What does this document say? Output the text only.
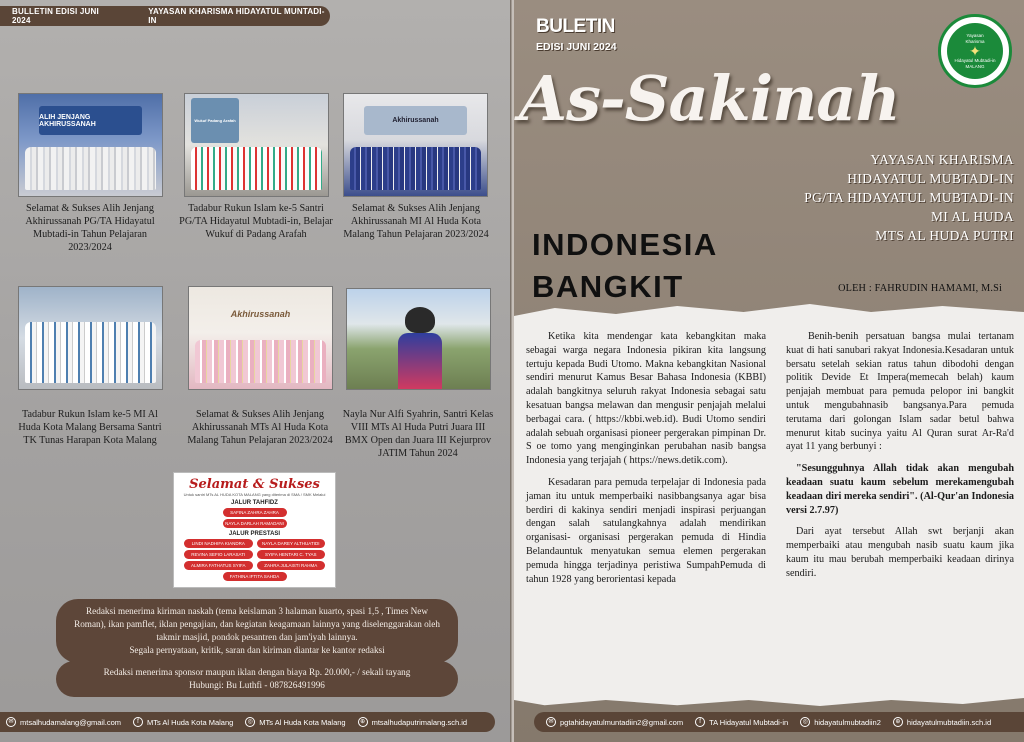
BULLETIN EDISI JUNI 2024
YAYASAN KHARISMA HIDAYATUL MUNTADI-IN
ALIH JENJANG AKHIRUSSANAH	Wukuf Padang Arafah	Akhirussanah
Selamat & Sukses Alih Jenjang Akhirussanah PG/TA Hidayatul Mubtadi-in Tahun Pelajaran 2023/2024
Tadabur Rukun Islam ke-5 Santri PG/TA Hidayatul Mubtadi-in, Belajar Wukuf di Padang Arafah
Selamat & Sukses Alih Jenjang Akhirussanah MI Al Huda Kota Malang Tahun Pelajaran 2023/2024
Akhirussanah
Tadabur Rukun Islam ke-5 MI Al Huda Kota Malang Bersama Santri TK Tunas Harapan Kota Malang
Selamat & Sukses Alih Jenjang Akhirussanah MTs Al Huda Kota Malang Tahun Pelajaran 2023/2024
Nayla Nur Alfi Syahrin, Santri Kelas VIII MTs Al Huda Putri Juara III BMX Open dan Juara III Kejurprov JATIM Tahun 2024
Selamat & Sukses
Untuk santri MTs AL HUDA KOTA MALANG yang diterima di SMA / SMK Melalui
JALUR TAHFIDZ
SAFINA ZAHRA ZAHRA
NAYLA DARLAH RAMADANI
JALUR PRESTASI
LINDI NADHIFA KIANDRA	NAYLA DAREY ALTHUATIDI
REVINA SEFIO LARASATI	SYIFA HENTARI C. TYAS
ALMIRA FATHATUS SYIFA	ZAHRA JULAISTI RAHMA
FATHINA IFTITA SAHDA
Redaksi menerima kiriman naskah (tema keislaman 3 halaman kuarto, spasi 1,5 , Times New Roman), ikan pamflet, iklan pengajian, dan kegiatan keagamaan lainnya yang diselenggarakan oleh takmir masjid, pondok pesantren dan jam'iyah lainnya.
Segala pernyataan, kritik, saran dan kiriman diantar ke kantor redaksi
Redaksi menerima sponsor maupun iklan dengan biaya Rp. 20.000,- / sekali tayang
Hubungi: Bu Luthfi - 087826491996
✉ mtsalhudamalang@gmail.com	f	MTs Al Huda Kota Malang	◎ MTs Al Huda Kota Malang	⊕ mtsalhudaputrimalang.sch.id
BULETIN
EDISI JUNI 2024
Yayasan
Kharisma
✦
Hidayatul Mubtadi-in
MALANG
As-Sakinah
YAYASAN KHARISMA
HIDAYATUL MUBTADI-IN
PG/TA HIDAYATUL MUBTADI-IN
MI AL HUDA
MTS AL HUDA PUTRI
INDONESIA
BANGKIT	OLEH : FAHRUDIN HAMAMI, M.Si

Ketika kita mendengar kata kebangkitan maka sebagai warga negara Indonesia pikiran kita langsung tertuju kepada Budi Utomo. Makna kebangkitan Nasional sendiri menurut Kamus Besar Bahasa Indonesia (KBBI) adalah bangkitnya seluruh rakyat Indonesia sebagai satu kesatuan bangsa melawan dan mengusir penjajah melalui berbagai cara. ( https://kbbi.web.id). Budi Utomo sendiri adalah sebuah organisasi pioneer pergerakan pimpinan Dr. S oe tomo yang menginginkan perubahan nasib bangsa Indonesia yang terjajah ( https://news.detik.com).

Kesadaran para pemuda terpelajar di Indonesia pada jaman itu untuk memperbaiki nasibbangsanya agar bisa berdiri di kakinya sendiri menjadi inspirasi perjuangan dengan salah satulangkahnya adalah mendirikan organisasi- organisasi pergerakan pemuda di Hindia Belandauntuk menyatukan semua elemen pergerakan pemuda hingga terjadinya peristiwa SumpahPemuda di tahun 1928 yang berorientasi kepada

Benih-benih persatuan bangsa mulai tertanam kuat di hati sanubari rakyat Indonesia.Kesadaran untuk bersatu setelah sekian ratus tahun dibodohi dengan politik Devide Et Impera(memecah belah) kaum penjajah membuat para pemuda pelopor ini bangkit untuk mengubahnasib bangsanya.Para pemuda terutama dari golongan Islam sadar betul bahwa menurut kitab sucinya yaitu Al Quran surat Ar-Ra'd ayat 11 yang berbunyi :

"Sesungguhnya Allah tidak akan mengubah keadaan suatu kaum sebelum merekamengubah keadaan diri mereka sendiri". (Al-Qur'an Indonesia versi 2.7.97)

Dari ayat tersebut Allah swt berjanji akan memperbaiki atau mengubah nasib suatu kaum jika kaum itu mau berubah memperbaiki keadaan dirinya sendiri.

✉ pgtahidayatulmuntadiin2@gmail.com	f	TA Hidayatul Mubtadi-in	◎ hidayatulmubtadiin2	⊕ hidayatulmubtadiin.sch.id
